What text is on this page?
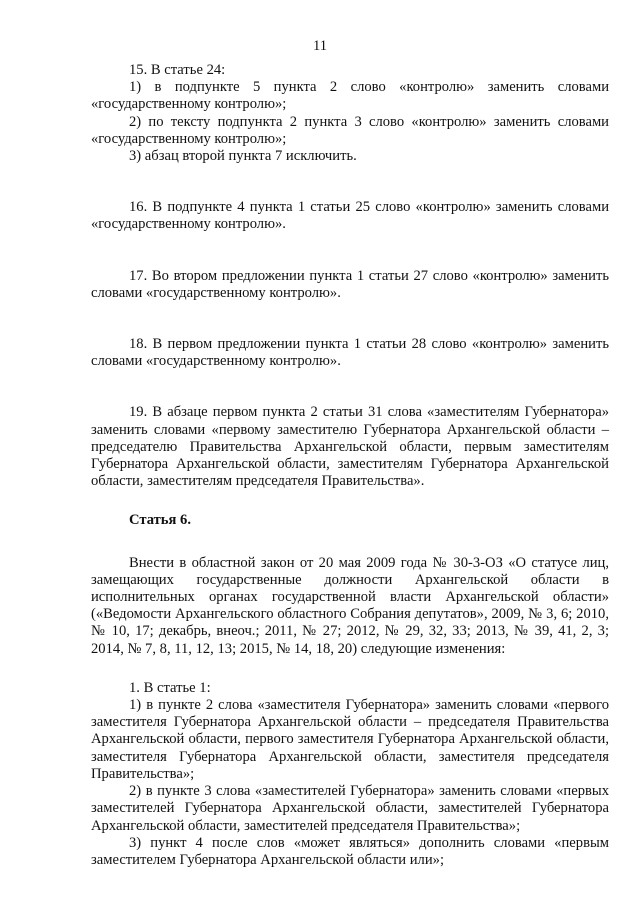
11

15. В статье 24:

1) в подпункте 5 пункта 2 слово «контролю» заменить словами «государственному контролю»;

2) по тексту подпункта 2 пункта 3 слово «контролю» заменить словами «государственному контролю»;

3) абзац второй пункта 7 исключить.

16. В подпункте 4 пункта 1 статьи 25 слово «контролю» заменить словами «государственному контролю».

17. Во втором предложении пункта 1 статьи 27 слово «контролю» заменить словами «государственному контролю».

18. В первом предложении пункта 1 статьи 28 слово «контролю» заменить словами «государственному контролю».

19. В абзаце первом пункта 2 статьи 31 слова «заместителям Губернатора» заменить словами «первому заместителю Губернатора Архангельской области – председателю Правительства Архангельской области, первым заместителям Губернатора Архангельской области, заместителям Губернатора Архангельской области, заместителям председателя Правительства».

Статья 6.

Внести в областной закон от 20 мая 2009 года № 30-3-ОЗ «О статусе лиц, замещающих государственные должности Архангельской области в исполнительных органах государственной власти Архангельской области» («Ведомости Архангельского областного Собрания депутатов», 2009, № 3, 6; 2010, № 10, 17; декабрь, внеоч.; 2011, № 27; 2012, № 29, 32, 33; 2013, № 39, 41, 2, 3; 2014, № 7, 8, 11, 12, 13; 2015, № 14, 18, 20) следующие изменения:

1. В статье 1:

1) в пункте 2 слова «заместителя Губернатора» заменить словами «первого заместителя Губернатора Архангельской области – председателя Правительства Архангельской области, первого заместителя Губернатора Архангельской области, заместителя Губернатора Архангельской области, заместителя председателя Правительства»;

2) в пункте 3 слова «заместителей Губернатора» заменить словами «первых заместителей Губернатора Архангельской области, заместителей Губернатора Архангельской области, заместителей председателя Правительства»;

3) пункт 4 после слов «может являться» дополнить словами «первым заместителем Губернатора Архангельской области или»;
